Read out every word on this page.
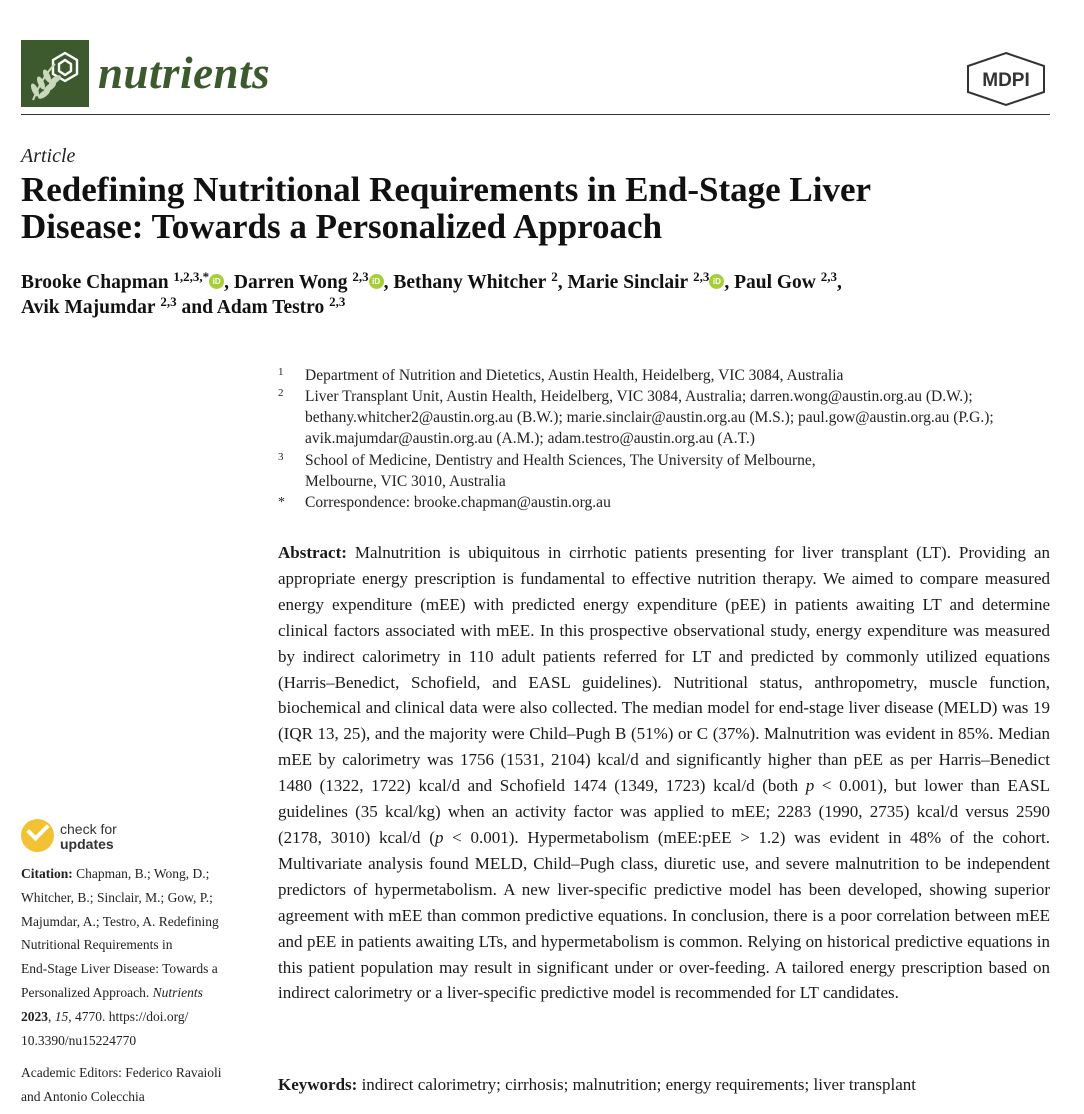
nutrients	MDPI
Article
Redefining Nutritional Requirements in End-Stage Liver
Disease: Towards a Personalized Approach
Brooke Chapman $^{1,2,3,*}$ iD , Darren Wong $^{2,3}$ iD , Bethany Whitcher $^2$, Marie Sinclair $^{2,3}$ iD , Paul Gow $^{2,3}$,
Avik Majumdar $^{2,3}$ and Adam Testro $^{2,3}$
1 Department of Nutrition and Dietetics, Austin Health, Heidelberg, VIC 3084, Australia
2 Liver Transplant Unit, Austin Health, Heidelberg, VIC 3084, Australia; darren.wong@austin.org.au (D.W.);
bethany.whitcher2@austin.org.au (B.W.); marie.sinclair@austin.org.au (M.S.); paul.gow@austin.org.au (P.G.);
avik.majumdar@austin.org.au (A.M.); adam.testro@austin.org.au (A.T.)
3 School of Medicine, Dentistry and Health Sciences, The University of Melbourne,
Melbourne, VIC 3010, Australia
* Correspondence: brooke.chapman@austin.org.au

Abstract: Malnutrition is ubiquitous in cirrhotic patients presenting for liver transplant (LT). Providing an appropriate energy prescription is fundamental to effective nutrition therapy. We aimed to compare measured energy expenditure (mEE) with predicted energy expenditure (pEE) in patients awaiting LT and determine clinical factors associated with mEE. In this prospective observational study, energy expenditure was measured by indirect calorimetry in 110 adult patients referred for LT and predicted by commonly utilized equations (Harris–Benedict, Schofield, and EASL guidelines). Nutritional status, anthropometry, muscle function, biochemical and clinical data were also collected. The median model for end-stage liver disease (MELD) was 19 (IQR 13, 25), and the majority were Child–Pugh B (51%) or C (37%). Malnutrition was evident in 85%. Median mEE by calorimetry was 1756 (1531, 2104) kcal/d and significantly higher than pEE as per Harris–Benedict 1480 (1322, 1722) kcal/d and Schofield 1474 (1349, 1723) kcal/d (both p < 0.001), but lower than EASL guidelines (35 kcal/kg) when an activity factor was applied to mEE; 2283 (1990, 2735) kcal/d versus 2590 (2178, 3010) kcal/d (p < 0.001). Hypermetabolism (mEE:pEE > 1.2) was evident in 48% of the cohort. Multivariate analysis found MELD, Child–Pugh class, diuretic use, and severe malnutrition to be independent predictors of hypermetabolism. A new liver-specific predictive model has been developed, showing superior agreement with mEE than common predictive equations. In conclusion, there is a poor correlation between mEE and pEE in patients awaiting LTs, and hypermetabolism is common. Relying on historical predictive equations in this patient population may result in significant under or over-feeding. A tailored energy prescription based on indirect calorimetry or a liver-specific predictive model is recommended for LT candidates.

Keywords: indirect calorimetry; cirrhosis; malnutrition; energy requirements; liver transplant
check for
updates
Citation: Chapman, B.; Wong, D.;
Whitcher, B.; Sinclair, M.; Gow, P.;
Majumdar, A.; Testro, A. Redefining
Nutritional Requirements in
End-Stage Liver Disease: Towards a
Personalized Approach. Nutrients
2023, 15, 4770. https://doi.org/
10.3390/nu15224770
Academic Editors: Federico Ravaioli
and Antonio Colecchia
